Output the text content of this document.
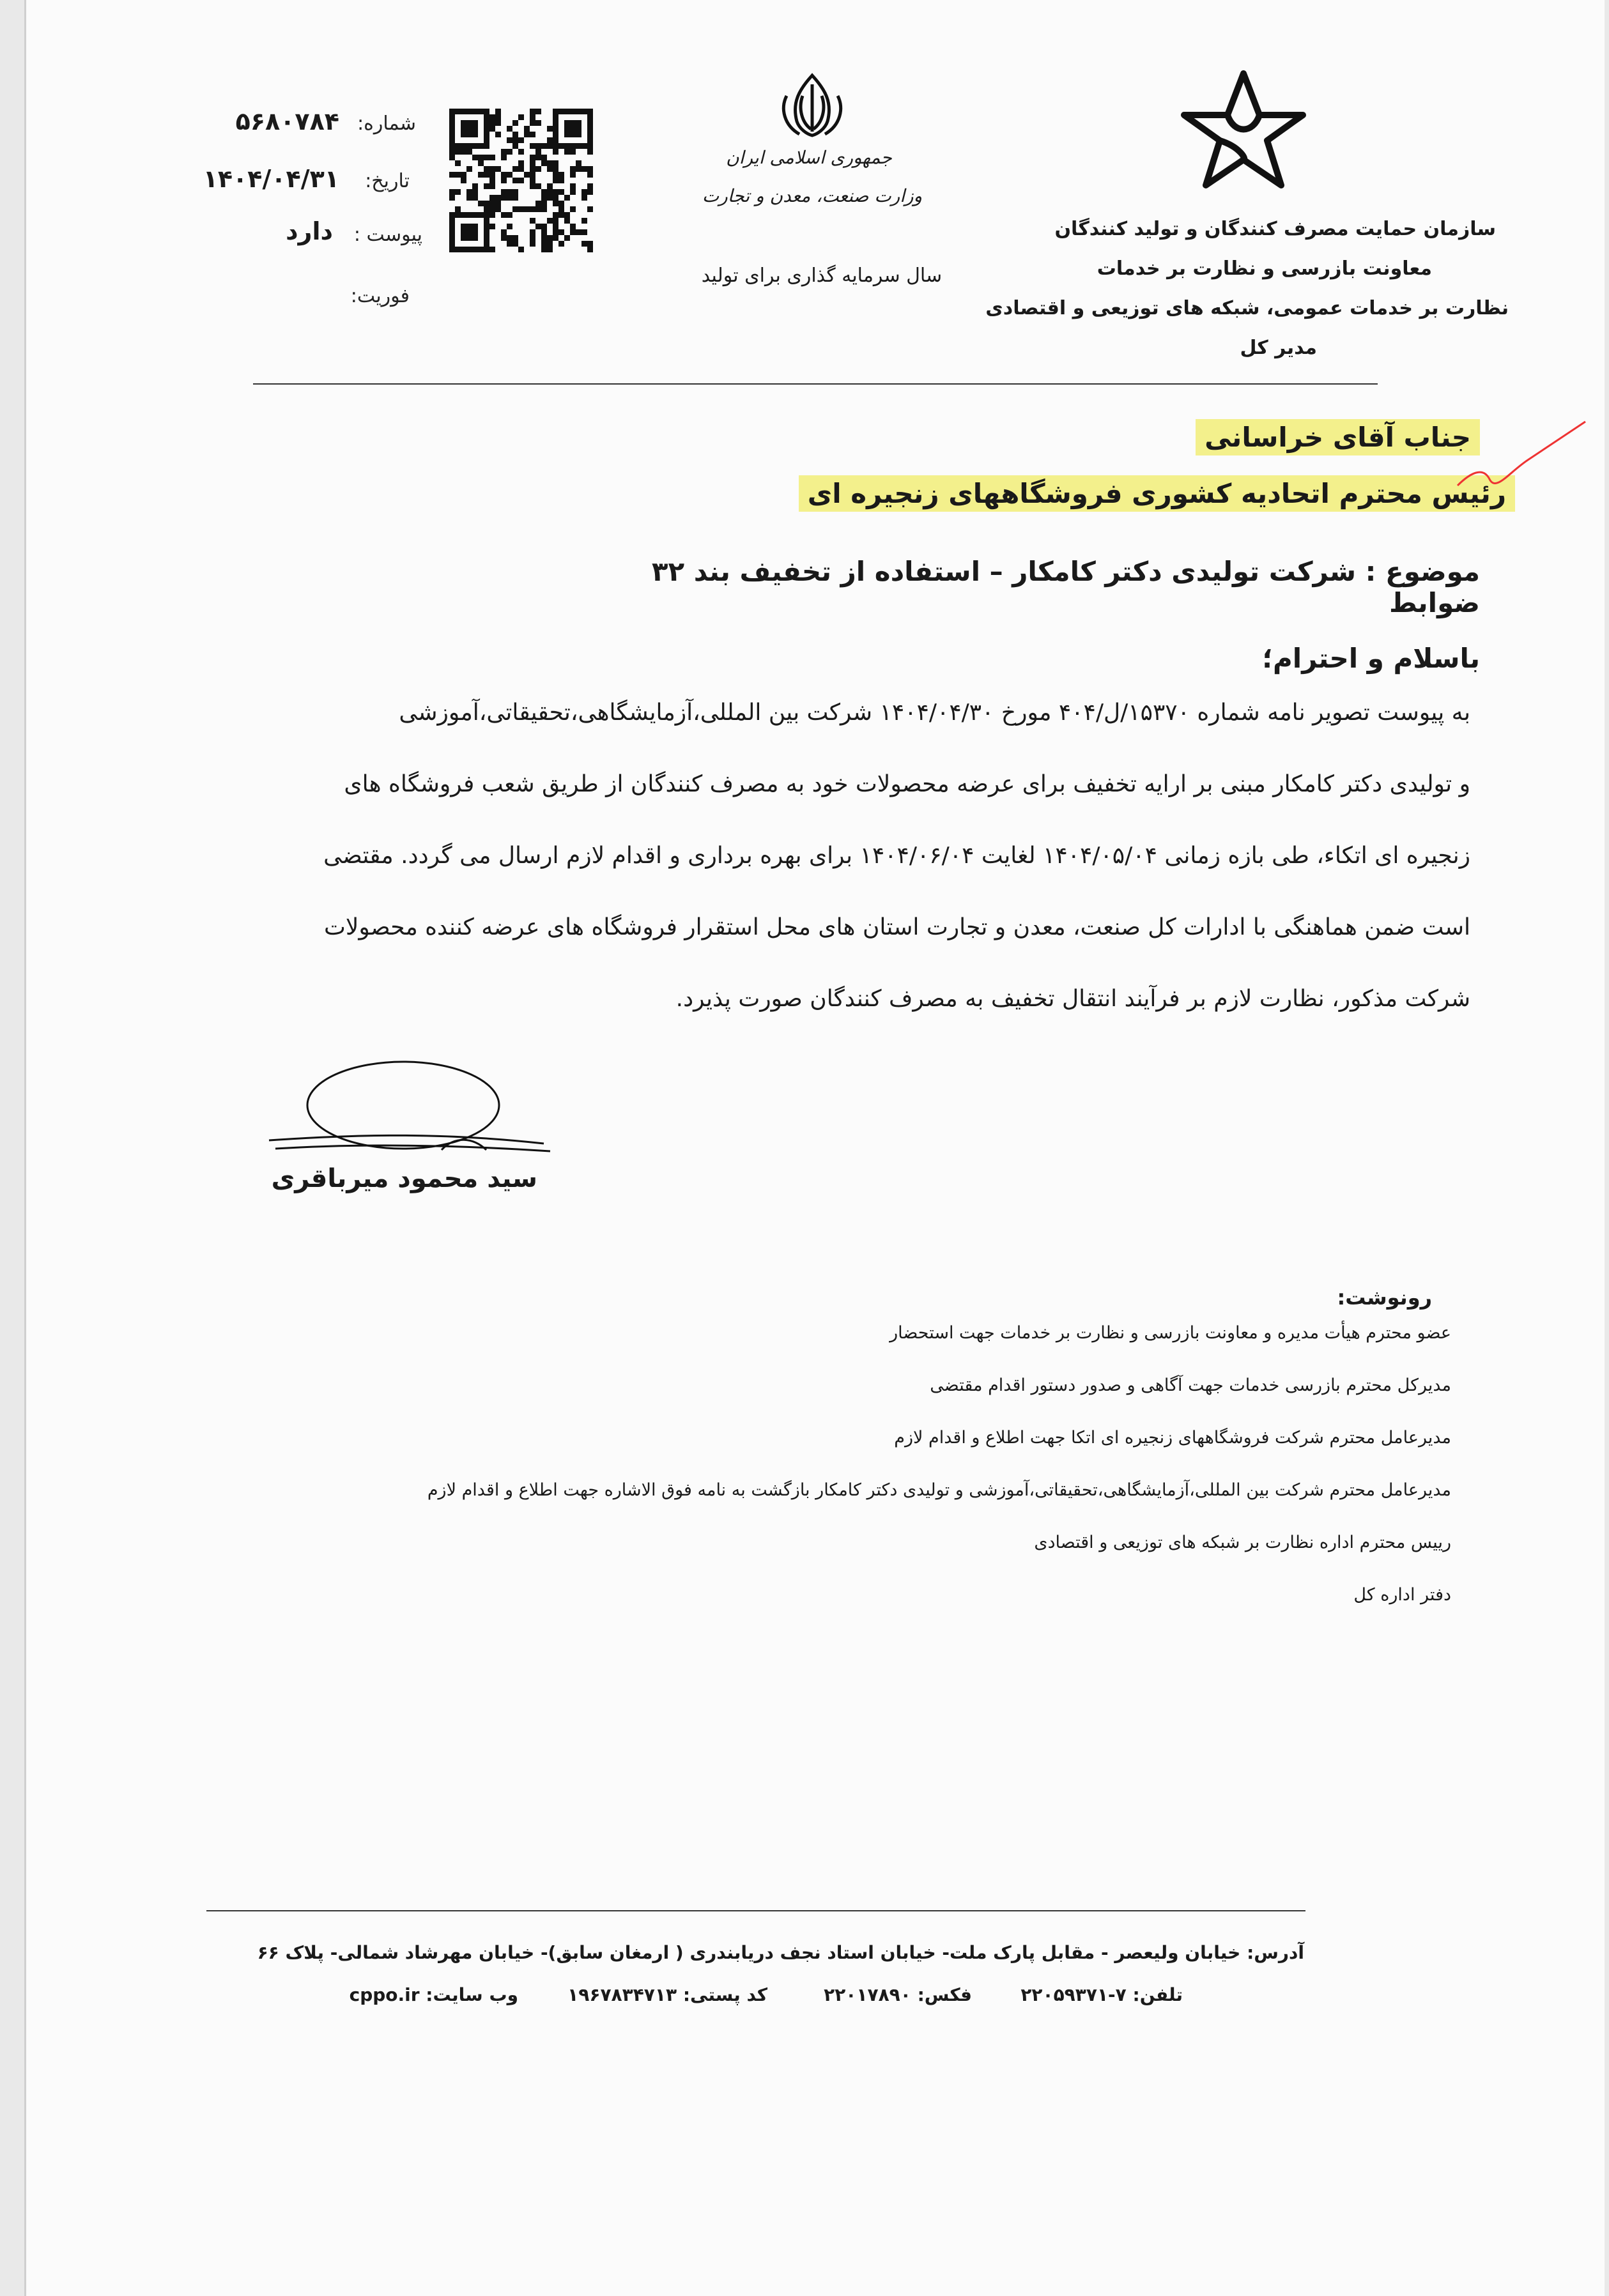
شماره:
۵۶۸۰۷۸۴
تاریخ:
۱۴۰۴/۰۴/۳۱
پیوست :
دارد
فوریت:
جمهوری اسلامی ایران
وزارت صنعت، معدن و تجارت
سال سرمایه گذاری برای تولید
سازمان حمایت مصرف کنندگان و تولید کنندگان
معاونت بازرسی و نظارت بر خدمات
نظارت بر خدمات عمومی، شبکه های توزیعی و اقتصادی
مدیر کل
جناب آقای خراسانی
رئیس محترم اتحادیه کشوری فروشگاههای زنجیره ای
موضوع : شرکت تولیدی دکتر کامکار – استفاده از تخفیف بند ۳۲ ضوابط
باسلام و احترام؛
به پیوست تصویر نامه شماره ۱۵۳۷۰/ل/۴۰۴ مورخ ۱۴۰۴/۰۴/۳۰ شرکت بین المللی،آزمایشگاهی،تحقیقاتی،آموزشی
و تولیدی دکتر کامکار مبنی بر ارایه تخفیف برای عرضه محصولات خود به مصرف کنندگان از طریق شعب فروشگاه های
زنجیره ای اتکاء، طی بازه زمانی ۱۴۰۴/۰۵/۰۴ لغایت ۱۴۰۴/۰۶/۰۴ برای بهره برداری و اقدام لازم ارسال می گردد. مقتضی
است ضمن هماهنگی با ادارات کل صنعت، معدن و تجارت استان های محل استقرار فروشگاه های عرضه کننده محصولات
شرکت مذکور، نظارت لازم بر فرآیند انتقال تخفیف به مصرف کنندگان صورت پذیرد.
سید محمود میرباقری
رونوشت:
عضو محترم هیأت مدیره و معاونت بازرسی و نظارت بر خدمات جهت استحضار
مدیرکل محترم بازرسی خدمات جهت آگاهی و صدور دستور اقدام مقتضی
مدیرعامل محترم شرکت فروشگاههای زنجیره ای اتکا جهت اطلاع و اقدام لازم
مدیرعامل محترم شرکت بین المللی،آزمایشگاهی،تحقیقاتی،آموزشی و تولیدی دکتر کامکار بازگشت به نامه فوق الاشاره جهت اطلاع و اقدام لازم
رییس محترم اداره نظارت بر شبکه های توزیعی و اقتصادی
دفتر اداره کل
آدرس: خیابان ولیعصر - مقابل پارک ملت- خیابان استاد نجف دریابندری ( ارمغان سابق)- خیابان مهرشاد شمالی- پلاک ۶۶
تلفن: ۷-۲۲۰۵۹۳۷۱
فکس: ۲۲۰۱۷۸۹۰
کد پستی: ۱۹۶۷۸۳۴۷۱۳
وب سایت: cppo.ir
